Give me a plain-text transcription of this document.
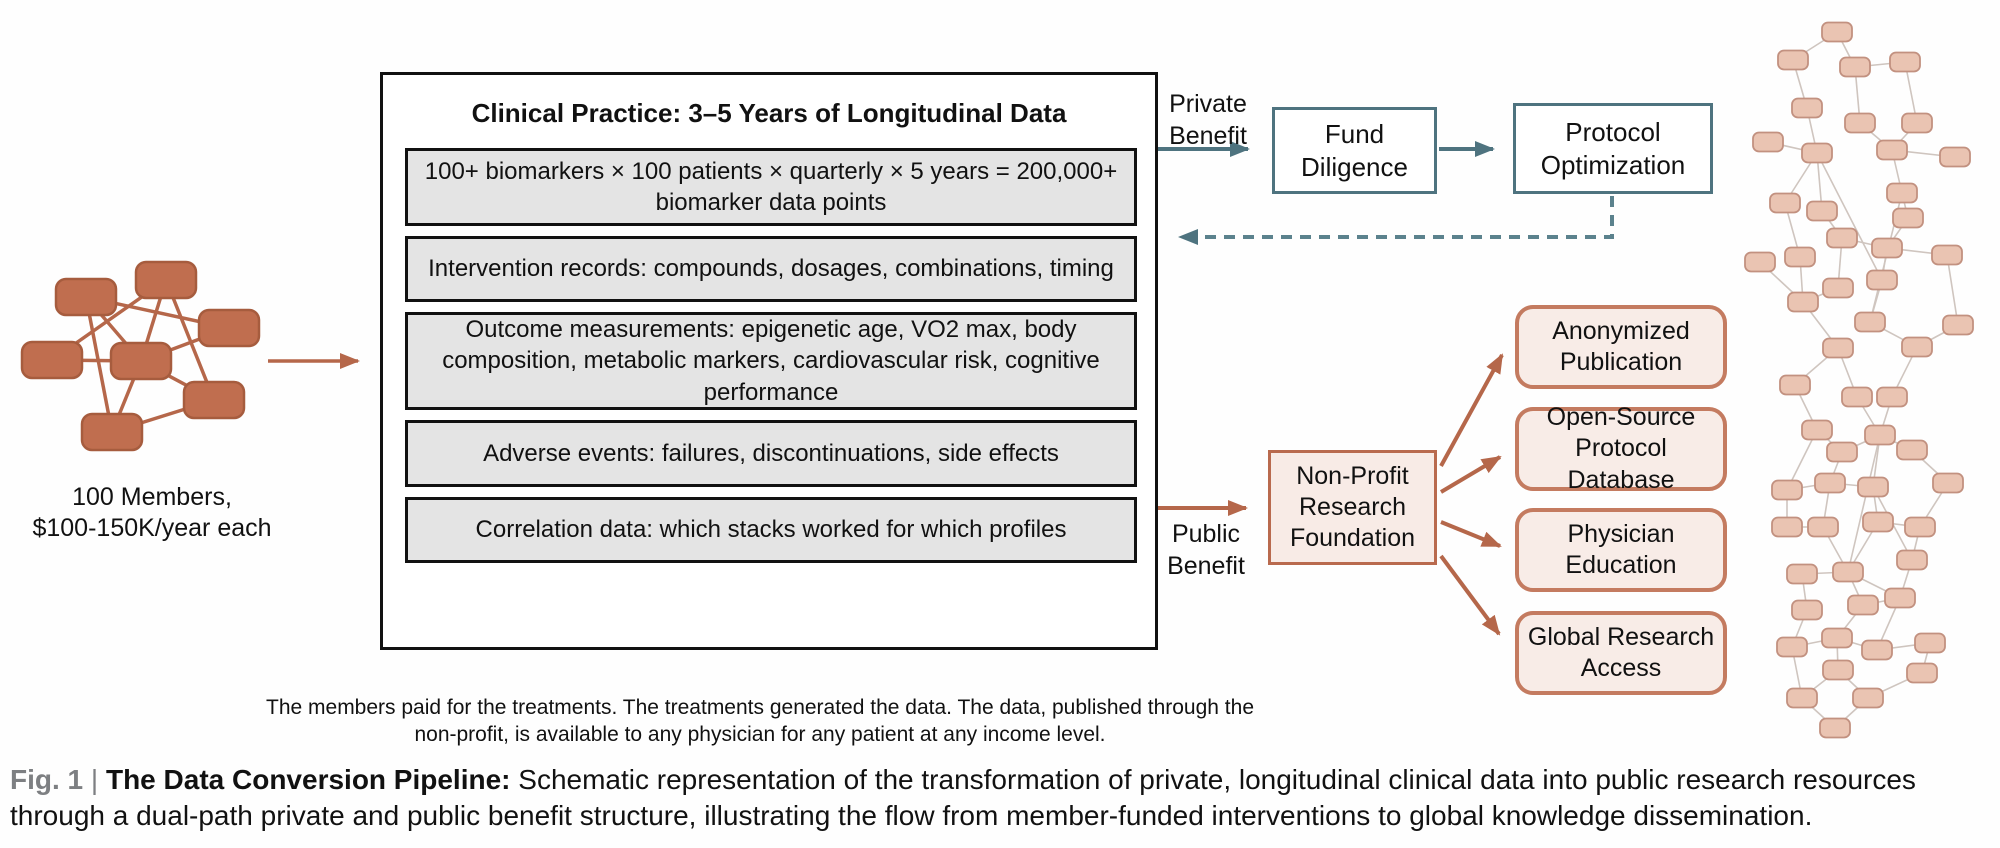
100 Members,
$100-150K/year each
Clinical Practice: 3–5 Years of Longitudinal Data
100+ biomarkers × 100 patients × quarterly × 5 years = 200,000+ biomarker data points
Intervention records: compounds, dosages, combinations, timing
Outcome measurements: epigenetic age, VO2 max, body composition, metabolic markers, cardiovascular risk, cognitive performance
Adverse events: failures, discontinuations, side effects
Correlation data: which stacks worked for which profiles
Private
Benefit	Fund Diligence
Protocol Optimization
Public
Benefit
Non-Profit Research Foundation
Anonymized Publication
Open-Source Protocol Database
Physician Education
Global Research Access
The members paid for the treatments. The treatments generated the data. The data, published through the non-profit, is available to any physician for any patient at any income level.
Fig. 1 | The Data Conversion Pipeline: Schematic representation of the transformation of private, longitudinal clinical data into public research resources through a dual-path private and public benefit structure, illustrating the flow from member-funded interventions to global knowledge dissemination.
